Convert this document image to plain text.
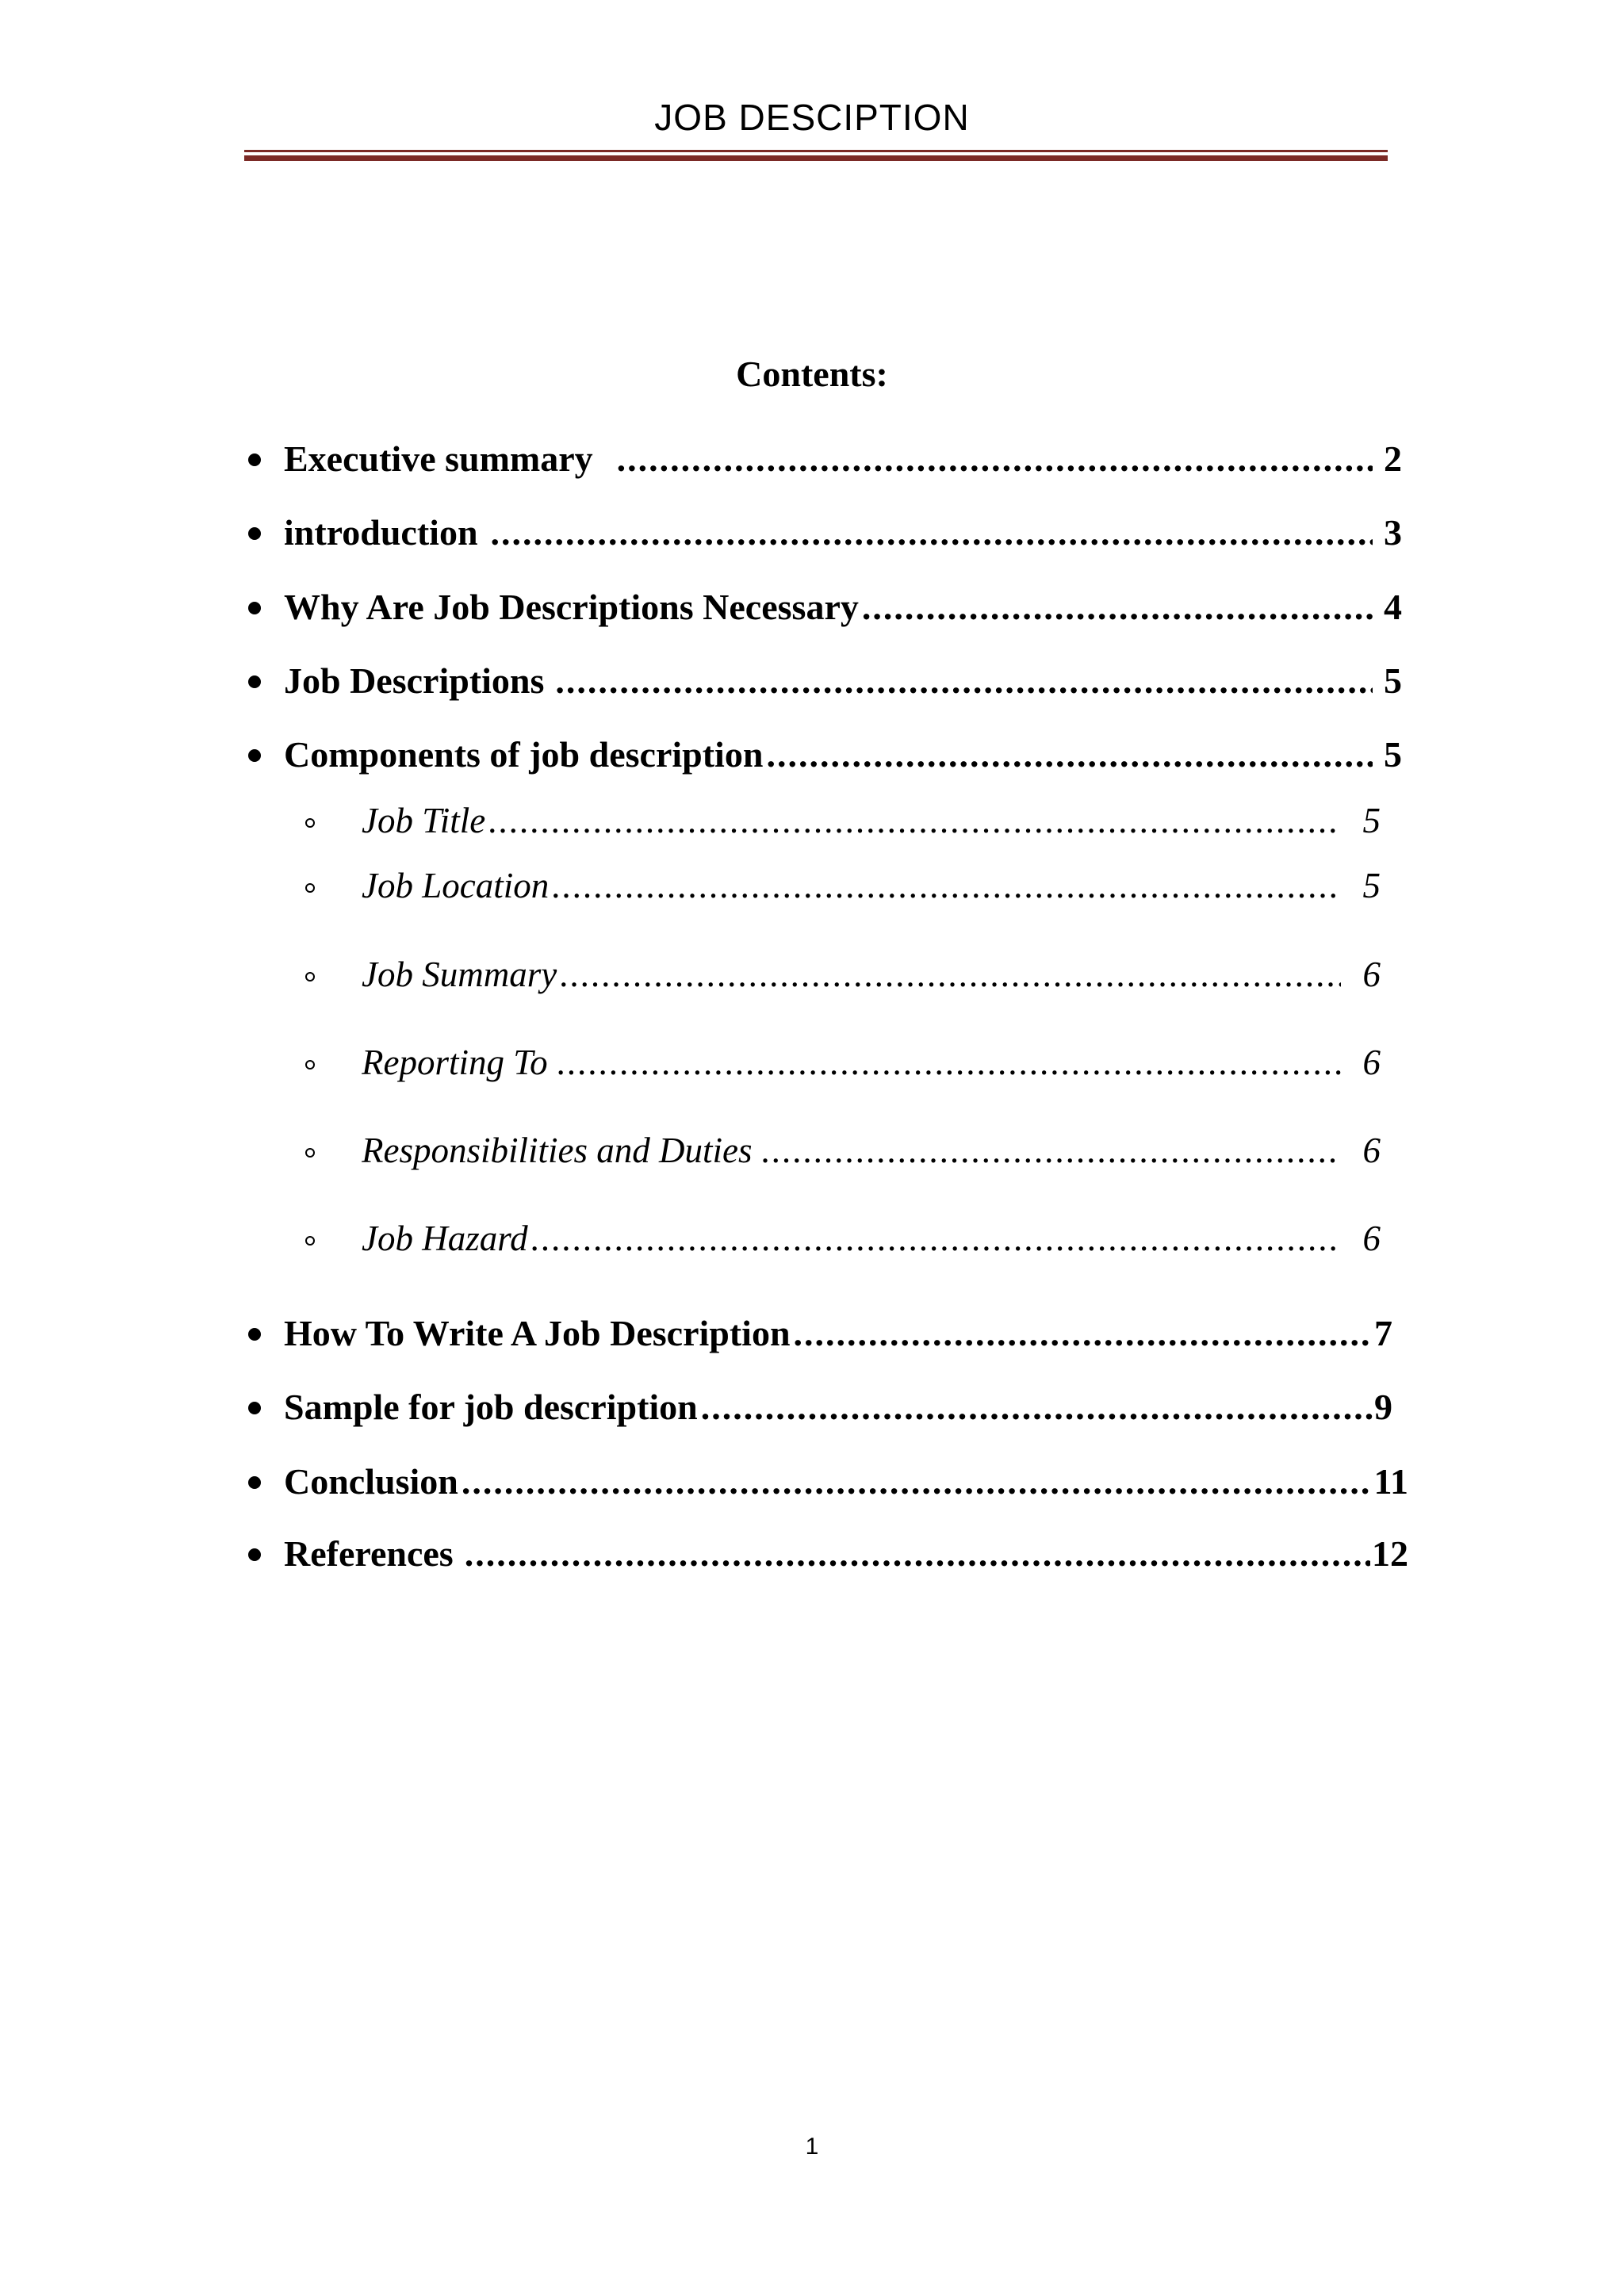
JOB DESCIPTION
Contents:
Executive summary .....	2
introduction .....	3
Why Are Job Descriptions Necessary .....	4
Job Descriptions .....	5
Components of job description .....	5
Job Title .....	5
Job Location .....	5
Job Summary .....	6
Reporting To .....	6
Responsibilities and Duties .....	6
Job Hazard .....	6
How To Write A Job Description .....	7
Sample for job description .....	9
Conclusion .....	11
References .....	12
1
